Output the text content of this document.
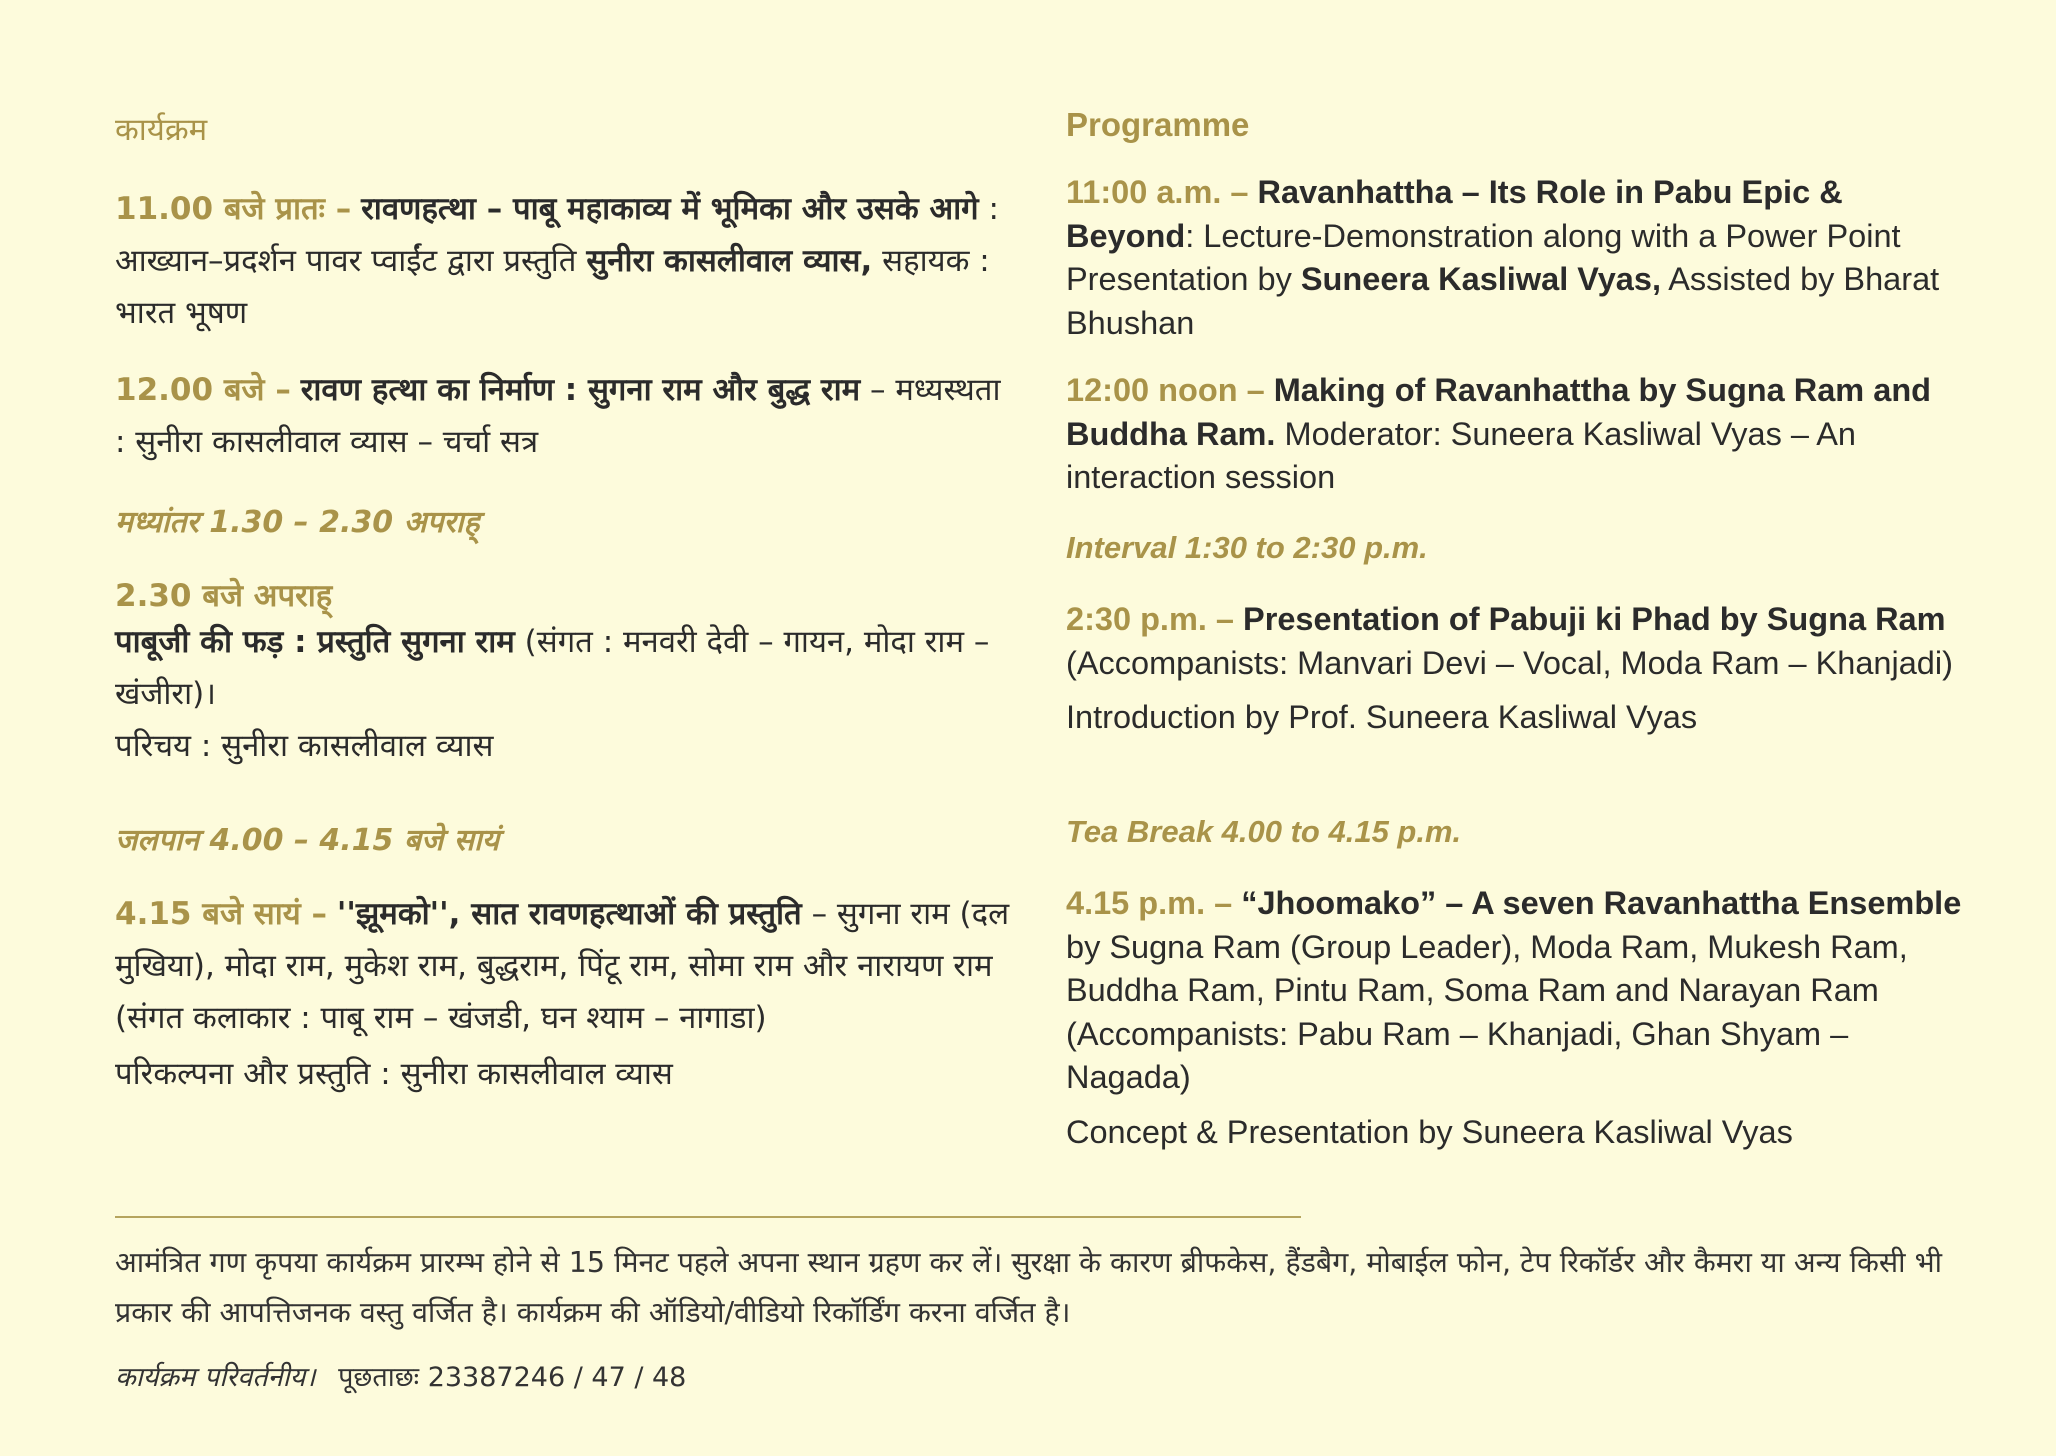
कार्यक्रम
11.00 बजे प्रातः – रावणहत्था – पाबू महाकाव्य में भूमिका और उसके आगे : आख्यान–प्रदर्शन पावर प्वाईंट द्वारा प्रस्तुति सुनीरा कासलीवाल व्यास, सहायक : भारत भूषण
12.00 बजे – रावण हत्था का निर्माण : सुगना राम और बुद्ध राम – मध्यस्थता : सुनीरा कासलीवाल व्यास – चर्चा सत्र
मध्यांतर 1.30 – 2.30 अपराह्
2.30 बजे अपराह्
पाबूजी की फड़ : प्रस्तुति सुगना राम (संगत : मनवरी देवी – गायन, मोदा राम – खंजीरा)।
परिचय : सुनीरा कासलीवाल व्यास
जलपान 4.00 – 4.15 बजे सायं
4.15 बजे सायं – ''झूमको'', सात रावणहत्थाओं की प्रस्तुति – सुगना राम (दल मुखिया), मोदा राम, मुकेश राम, बुद्धराम, पिंटू राम, सोमा राम और नारायण राम (संगत कलाकार : पाबू राम – खंजडी, घन श्याम – नागाडा)
परिकल्पना और प्रस्तुति : सुनीरा कासलीवाल व्यास
Programme
11:00 a.m. – Ravanhattha – Its Role in Pabu Epic & Beyond: Lecture-Demonstration along with a Power Point Presentation by Suneera Kasliwal Vyas, Assisted by Bharat Bhushan
12:00 noon – Making of Ravanhattha by Sugna Ram and Buddha Ram. Moderator: Suneera Kasliwal Vyas – An interaction session
Interval 1:30 to 2:30 p.m.
2:30 p.m. – Presentation of Pabuji ki Phad by Sugna Ram (Accompanists: Manvari Devi – Vocal, Moda Ram – Khanjadi)
Introduction by Prof. Suneera Kasliwal Vyas
Tea Break 4.00 to 4.15 p.m.
4.15 p.m. – “Jhoomako” – A seven Ravanhattha Ensemble by Sugna Ram (Group Leader), Moda Ram, Mukesh Ram, Buddha Ram, Pintu Ram, Soma Ram and Narayan Ram (Accompanists: Pabu Ram – Khanjadi, Ghan Shyam – Nagada)
Concept & Presentation by Suneera Kasliwal Vyas
आमंत्रित गण कृपया कार्यक्रम प्रारम्भ होने से 15 मिनट पहले अपना स्थान ग्रहण कर लें। सुरक्षा के कारण ब्रीफकेस, हैंडबैग, मोबाईल फोन, टेप रिकॉर्डर और कैमरा या अन्य किसी भी प्रकार की आपत्तिजनक वस्तु वर्जित है। कार्यक्रम की ऑडियो/वीडियो रिकॉर्डिंग करना वर्जित है।
कार्यक्रम परिवर्तनीय। पूछताछः 23387246 / 47 / 48
